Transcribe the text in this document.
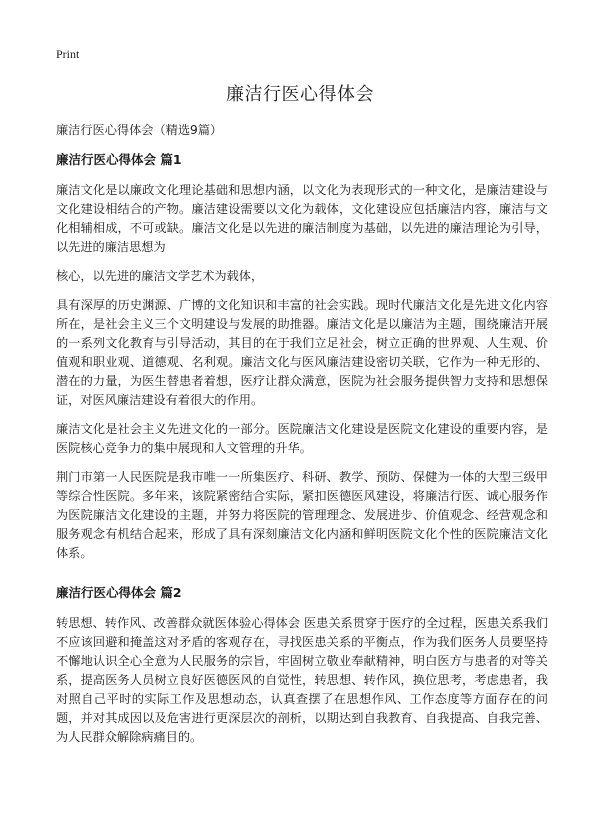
Print
廉洁行医心得体会

廉洁行医心得体会（精选9篇）

廉洁行医心得体会 篇1

廉洁文化是以廉政文化理论基础和思想内涵，以文化为表现形式的一种文化，是廉洁建设与文化建设相结合的产物。廉洁建设需要以文化为载体，文化建设应包括廉洁内容，廉洁与文化相辅相成，不可或缺。廉洁文化是以先进的廉洁制度为基础，以先进的廉洁理论为引导，以先进的廉洁思想为

核心，以先进的廉洁文学艺术为载体，

具有深厚的历史渊源、广博的文化知识和丰富的社会实践。现时代廉洁文化是先进文化内容所在，是社会主义三个文明建设与发展的助推器。廉洁文化是以廉洁为主题，围绕廉洁开展的一系列文化教育与引导活动，其目的在于我们立足社会，树立正确的世界观、人生观、价值观和职业观、道德观、名利观。廉洁文化与医风廉洁建设密切关联，它作为一种无形的、潜在的力量，为医生替患者着想，医疗让群众满意，医院为社会服务提供智力支持和思想保证，对医风廉洁建设有着很大的作用。

廉洁文化是社会主义先进文化的一部分。医院廉洁文化建设是医院文化建设的重要内容，是医院核心竞争力的集中展现和人文管理的升华。

荆门市第一人民医院是我市唯一一所集医疗、科研、教学、预防、保健为一体的大型三级甲等综合性医院。多年来，该院紧密结合实际，紧扣医德医风建设，将廉洁行医、诚心服务作为医院廉洁文化建设的主题，并努力将医院的管理理念、发展进步、价值观念、经营观念和服务观念有机结合起来，形成了具有深刻廉洁文化内涵和鲜明医院文化个性的医院廉洁文化体系。

廉洁行医心得体会 篇2

转思想、转作风、改善群众就医体验心得体会 医患关系贯穿于医疗的全过程，医患关系我们不应该回避和掩盖这对矛盾的客观存在，寻找医患关系的平衡点，作为我们医务人员要坚持不懈地认识全心全意为人民服务的宗旨，牢固树立敬业奉献精神，明白医方与患者的对等关系，提高医务人员树立良好医德医风的自觉性，转思想、转作风，换位思考，考虑患者，我对照自己平时的实际工作及思想动态，认真查摆了在思想作风、工作态度等方面存在的问题，并对其成因以及危害进行更深层次的剖析，以期达到自我教育、自我提高、自我完善、为人民群众解除病痛目的。
